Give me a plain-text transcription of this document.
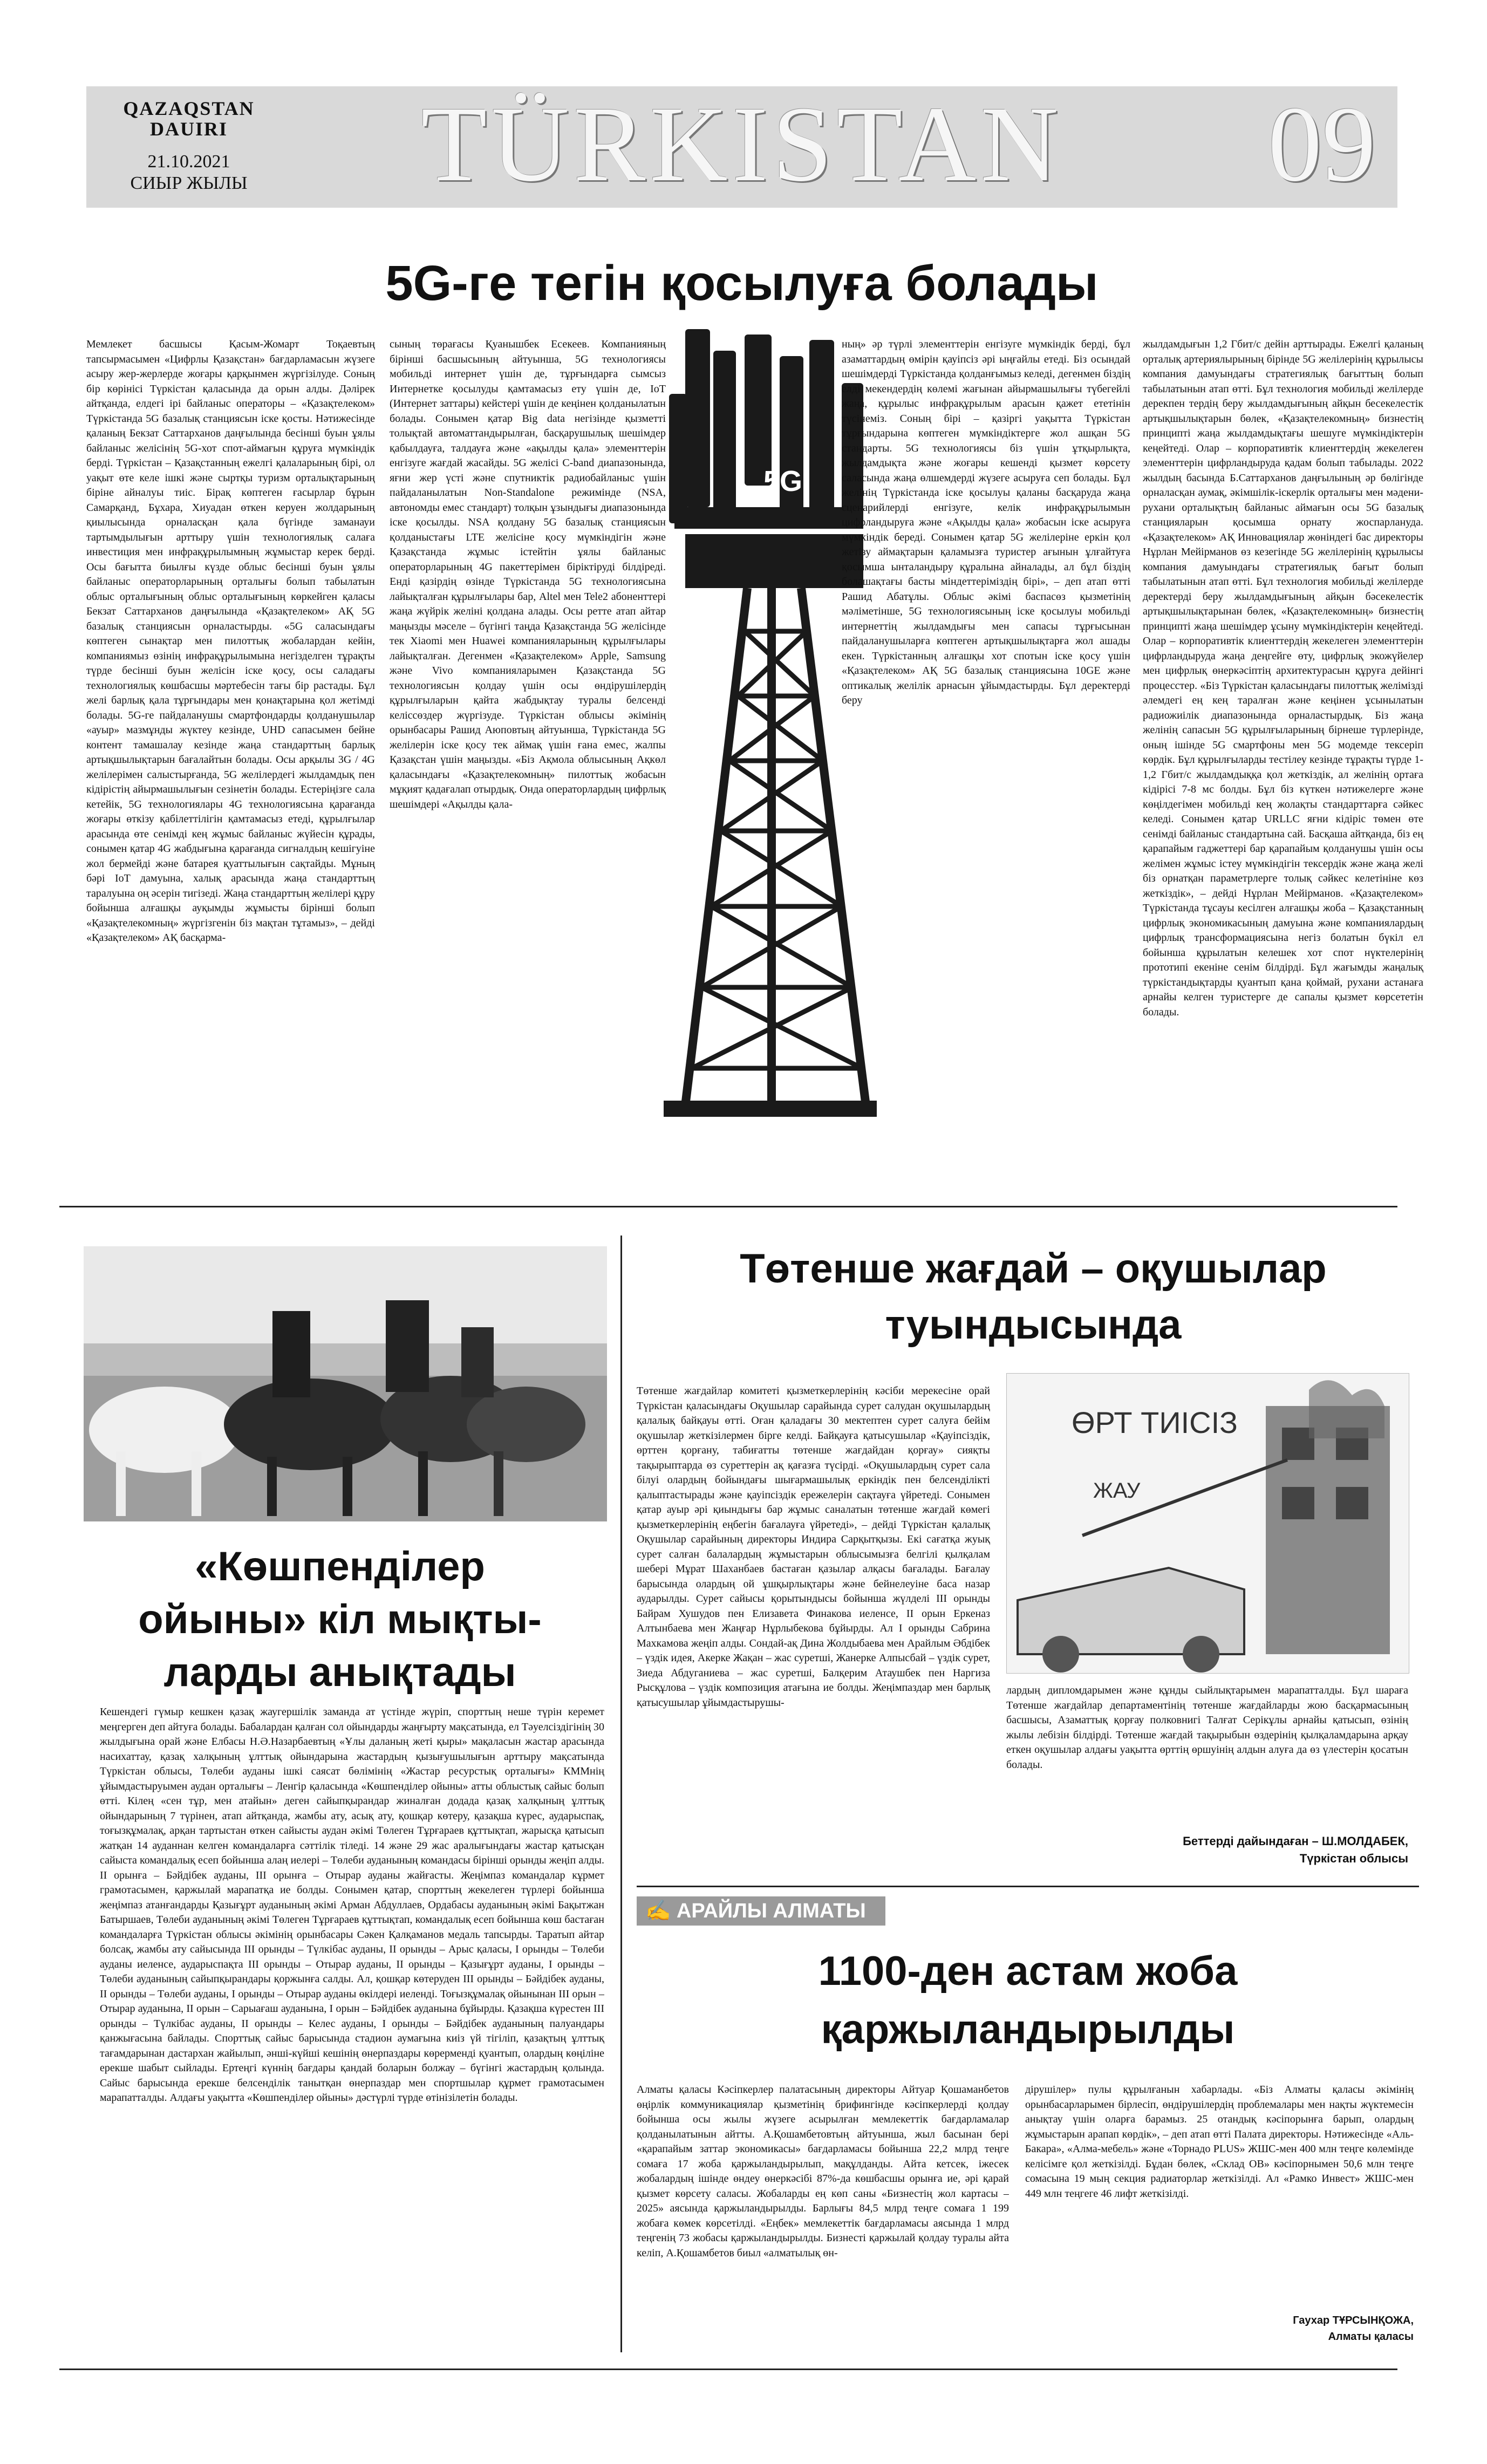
QAZAQSTAN
DAUIRI
21.10.2021
СИЫР ЖЫЛЫ	TÜRKISTAN	09
5G-ге тегін қосылуға болады
Мемлекет басшысы Қасым-Жомарт Тоқаевтың тапсырмасымен «Цифрлы Қазақстан» бағдарламасын жүзеге асыру жер-жерлерде жоғары қарқынмен жүргізілуде. Соның бір көрінісі Түркістан қаласында да орын алды. Дәлірек айтқанда, елдегі ірі байланыс операторы – «Қазақтелеком» Түркістанда 5G базалық станциясын іске қосты. Нәтижесінде қаланың Бекзат Саттарханов даңғылында бесінші буын ұялы байланыс желісінің 5G-хот спот-аймағын құруға мүмкіндік берді. Түркістан – Қазақстанның ежелгі қалаларының бірі, ол уақыт өте келе ішкі және сыртқы туризм орталықтарының біріне айналуы тиіс. Бірақ көптеген ғасырлар бұрын Самарқанд, Бұхара, Хиуадан өткен керуен жолдарының қиылысында орналасқан қала бүгінде заманауи тартымдылығын арттыру үшін технологиялық салаға инвестиция мен инфрақұрылымның жұмыстар керек берді. Осы бағытта биылғы күзде облыс бесінші буын ұялы байланыс операторларының орталығы болып табылатын облыс орталығының облыс орталығының көркейген қаласы Бекзат Саттарханов даңғылында «Қазақтелеком» АҚ 5G базалық станциясын орналастырды. «5G саласындағы көптеген сынақтар мен пилоттық жобалардан кейін, компаниямыз өзінің инфрақұрылымына негізделген тұрақты түрде бесінші буын желісін іске қосу, осы саладағы технологиялық көшбасшы мәртебесін тағы бір растады. Бұл желі барлық қала тұрғындары мен қонақтарына қол жетімді болады. 5G-ге пайдаланушы смартфондарды қолданушылар «ауыр» мазмұнды жүктеу кезінде, UHD сапасымен бейне контент тамашалау кезінде жаңа стандарттың барлық артықшылықтарын бағалайтын болады. Осы арқылы 3G / 4G желілерімен салыстырғанда, 5G желілердегі жылдамдық пен кідірістің айырмашылығын сезінетін болады. Естеріңізге сала кетейік, 5G технологиялары 4G технологиясына қарағанда жоғары өткізу қабілеттілігін қамтамасыз етеді, құрылғылар арасында өте сенімді кең жұмыс байланыс жүйесін құрады, сонымен қатар 4G жабдығына қарағанда сигналдың кешігуіне жол бермейді және батарея қуаттылығын сақтайды. Мұның бәрі IoT дамуына, халық арасында жаңа стандарттың таралуына оң әсерін тигізеді. Жаңа стандарттың желілері құру бойынша алғашқы ауқымды жұмысты бірінші болып «Қазақтелекомның» жүргізгенін біз мақтан тұтамыз», – дейді «Қазақтелеком» АҚ басқарма-
сының төрағасы Қуанышбек Есекеев. Компанияның бірінші басшысының айтуынша, 5G технологиясы мобильді интернет үшін де, тұрғындарға сымсыз Интернетке қосылуды қамтамасыз ету үшін де, IoT (Интернет заттары) кейстері үшін де кеңінен қолданылатын болады. Сонымен қатар Big data негізінде қызметті толықтай автоматтандырылған, басқарушылық шешімдер қабылдауға, талдауға және «ақылды қала» элементтерін енгізуге жағдай жасайды. 5G желісі C-band диапазонында, яғни жер үсті және спутниктік радиобайланыс үшін пайдаланылатын Non-Standalone режимінде (NSA, автономды емес стандарт) толқын ұзындығы диапазонында іске қосылды. NSA қолдану 5G базалық станциясын қолданыстағы LTE желісіне қосу мүмкіндігін және Қазақстанда жұмыс істейтін ұялы байланыс операторларының 4G пакеттерімен біріктіруді білдіреді. Енді қазірдің өзінде Түркістанда 5G технологиясына лайықталған құрылғылары бар, Altel мен Tele2 абоненттері жаңа жүйрік желіні қолдана алады. Осы ретте атап айтар маңызды мәселе – бүгінгі таңда Қазақстанда 5G желісінде тек Xiaomi мен Huawei компанияларының құрылғылары лайықталған. Дегенмен «Қазақтелеком» Apple, Samsung және Vivo компанияларымен Қазақстанда 5G технологиясын қолдау үшін осы өндірушілердің құрылғыларын қайта жабдықтау туралы белсенді келіссөздер жүргізуде. Түркістан облысы әкімінің орынбасары Рашид Аюповтың айтуынша, Түркістанда 5G желілерін іске қосу тек аймақ үшін ғана емес, жалпы Қазақстан үшін маңызды. «Біз Ақмола облысының Ақкөл қаласындағы «Қазақтелекомның» пилоттық жобасын мұқият қадағалап отырдық. Онда операторлардың цифрлық шешімдері «Ақылды қала-
5G
ның» әр түрлі элементтерін енгізуге мүмкіндік берді, бұл азаматтардың өмірін қауіпсіз әрі ыңғайлы етеді. Біз осындай шешімдерді Түркістанда қолданғымыз келеді, дегенмен біздің елді мекендердің көлемі жағынан айырмашылығы түбегейлі жаңа, құрылыс инфрақұрылым арасын қажет ететінін түсінеміз. Соның бірі – қазіргі уақытта Түркістан тұрғындарына көптеген мүмкіндіктерге жол ашқан 5G стандарты. 5G технологиясы біз үшін ұтқырлықта, жылдамдықта және жоғары кешенді қызмет көрсету саласында жаңа өлшемдерді жүзеге асыруға сеп болады. Бұл желінің Түркістанда іске қосылуы қаланы басқаруда жаңа сценарийлерді енгізуге, келік инфрақұрылымын цифрландыруға және «Ақылды қала» жобасын іске асыруға мүмкіндік береді. Сонымен қатар 5G желілеріне еркін қол жетізу аймақтарын қаламызға туристер ағынын ұлғайтуға қосымша ынталандыру құралына айналады, ал бұл біздің болашақтағы басты міндеттеріміздің бірі», – деп атап өтті Рашид Абатұлы. Облыс әкімі баспасөз қызметінің мәліметінше, 5G технологиясының іске қосылуы мобильді интернеттің жылдамдығы мен сапасы тұрғысынан пайдаланушыларға көптеген артықшылықтарға жол ашады екен. Түркістанның алғашқы хот спотын іске қосу үшін «Қазақтелеком» АҚ 5G базалық станциясына 10GE және оптикалық желілік арнасын ұйымдастырды. Бұл деректерді беру
жылдамдығын 1,2 Гбит/с дейін арттырады. Ежелгі қаланың орталық артериялырының бірінде 5G желілерінің құрылысы компания дамуындағы стратегиялық бағыттың болып табылатынын атап өтті. Бұл технология мобильді желілерде дерекпен тердің беру жылдамдығының айқын бесекелестік артықшылықтарын бөлек, «Қазақтелекомның» бизнестің принципті жаңа жылдамдықтағы шешуге мүмкіндіктерін кеңейтеді. Олар – корпоративтік клиенттердің жекелеген элементтерін цифрландыруда қадам болып табылады. 2022 жылдың басында Б.Саттарханов даңғылының әр бөлігінде орналасқан аумақ, әкімшілік-іскерлік орталығы мен мәдени-рухани орталықтың байланыс аймағын осы 5G базалық станцияларын қосымша орнату жоспарлануда. «Қазақтелеком» АҚ Инновациялар жөніндегі бас директоры Нұрлан Мейірманов өз кезегінде 5G желілерінің құрылысы компания дамуындағы стратегиялық бағыт болып табылатынын атап өтті. Бұл технология мобильді желілерде деректерді беру жылдамдығының айқын бәсекелестік артықшылықтарынан бөлек, «Қазақтелекомның» бизнестің принципті жаңа шешімдер ұсыну мүмкіндіктерін кеңейтеді. Олар – корпоративтік клиенттердің жекелеген элементтерін цифрландыруда жаңа деңгейге өту, цифрлық экожүйелер мен цифрлық өнеркәсіптің архитектурасын құруға дейінгі процесстер. «Біз Түркістан қаласындағы пилоттық желімізді әлемдегі ең кең таралған және кеңінен ұсынылатын радиожиілік диапазонында орналастырдық. Біз жаңа желінің сапасын 5G құрылғыларының бірнеше түрлерінде, оның ішінде 5G смартфоны мен 5G модемде тексеріп көрдік. Бұл құрылғыларды тестілеу кезінде тұрақты түрде 1-1,2 Гбит/с жылдамдыққа қол жеткіздік, ал желінің ортаға кідірісі 7-8 мс болды. Бұл біз күткен нәтижелерге және көңілдегімен мобильді кең жолақты стандарттарға сәйкес келеді. Сонымен қатар URLLC яғни кідіріс төмен өте сенімді байланыс стандартына сай. Басқаша айтқанда, біз ең қарапайым гаджеттері бар қарапайым қолданушы үшін осы желімен жұмыс істеу мүмкіндігін тексердік және жаңа желі біз орнатқан параметрлерге толық сәйкес келетініне көз жеткіздік», – дейді Нұрлан Мейірманов. «Қазақтелеком» Түркістанда тұсауы кесілген алғашқы жоба – Қазақстанның цифрлық экономикасының дамуына және компаниялардың цифрлық трансформациясына негіз болатын бүкіл ел бойынша құрылатын келешек хот спот нүктелерінің прототипі екеніне сенім білдірді. Бұл жағымды жаңалық түркістандықтарды қуантып қана қоймай, рухани астанаға арнайы келген туристерге де сапалы қызмет көрсететін болады.
«Көшпенділер
ойыны» кіл мықты-
ларды анықтады
Кешендегі гүмыр кешкен қазақ жаугершілік заманда ат үстінде жүріп, спорттың неше түрін керемет меңгерген деп айтуға болады. Бабалардан қалған сол ойындарды жаңғырту мақсатында, ел Тәуелсіздігінің 30 жылдығына орай және Елбасы Н.Ә.Назарбаевтың «Ұлы даланың жеті қыры» мақаласын жастар арасында насихаттау, қазақ халқының ұлттық ойындарына жастардың қызығушылығын арттыру мақсатында Түркістан облысы, Төлеби ауданы ішкі саясат бөлімінің «Жастар ресурстық орталығы» КММнің ұйымдастыруымен аудан орталығы – Ленгір қаласында «Көшпенділер ойыны» атты облыстық сайыс болып өтті. Кілең «сен тұр, мен атайын» деген сайыпқырандар жиналған додада қазақ халқының ұлттық ойындарының 7 түрінен, атап айтқанда, жамбы ату, асық ату, қошқар көтеру, қазақша күрес, аударыспақ, тоғызқұмалақ, арқан тартыстан өткен сайысты аудан әкімі Төлеген Тұрғараев құттықтап, жарысқа қатысып жатқан 14 ауданнан келген командаларға сәттілік тіледі. 14 және 29 жас аралығындағы жастар қатысқан сайыста командалық есеп бойынша алаң иелері – Төлеби ауданының командасы бірінші орынды жеңіп алды. II орынға – Бәйдібек ауданы, III орынға – Отырар ауданы жайғасты. Жеңімпаз командалар кұрмет грамотасымен, қаржылай марапатқа ие болды. Сонымен қатар, спорттың жекелеген түрлері бойынша жеңімпаз атанғандарды Қазығұрт ауданының әкімі Арман Абдуллаев, Ордабасы ауданының әкімі Бақытжан Батыршаев, Төлеби ауданының әкімі Төлеген Тұрғараев құттықтап, командалық есеп бойынша көш бастаған командаларға Түркістан облысы әкімінің орынбасары Сәкен Қалқаманов медаль тапсырды. Таратып айтар болсақ, жамбы ату сайысында III орынды – Түлкібас ауданы, II орынды – Арыс қаласы, I орынды – Төлеби ауданы иеленсе, аударыспақта III орынды – Отырар ауданы, II орынды – Қазығұрт ауданы, I орынды – Төлеби ауданының сайыпқырандары қоржынға салды. Ал, қошқар көтеруден III орынды – Бәйдібек ауданы, II орынды – Төлеби ауданы, I орынды – Отырар ауданы өкілдері иеленді. Тоғызқұмалақ ойынынан III орын – Отырар ауданына, II орын – Сарыағаш ауданына, I орын – Бәйдібек ауданына бұйырды. Қазақша күрестен III орынды – Түлкібас ауданы, II орынды – Келес ауданы, I орынды – Бәйдібек ауданының палуандары қанжығасына байлады. Спорттық сайыс барысында стадион аумағына киіз үй тігіліп, қазақтың ұлттық тағамдарынан дастархан жайылып, әнші-күйші кешінің өнерпаздары көрерменді қуантып, олардың көңіліне ерекше шабыт сыйлады. Ертеңгі күннің бағдары қандай боларын болжау – бүгінгі жастардың қолында. Сайыс барысында ерекше белсенділік танытқан өнерпаздар мен спортшылар құрмет грамотасымен марапатталды. Алдағы уақытта «Көшпенділер ойыны» дәстүрлі түрде өтінізілетін болады.
Төтенше жағдай – оқушылар
туындысында
Төтенше жағдайлар комитеті қызметкерлерінің кәсіби мерекесіне орай Түркістан қаласындағы Оқушылар сарайында сурет салудан оқушылардың қалалық байқауы өтті. Оған қаладағы 30 мектептен сурет салуға бейім оқушылар жеткізілермен бірге келді. Байқауға қатысушылар «Қауіпсіздік, өрттен қорғану, табиғатты төтенше жағдайдан қорғау» сияқты тақырыптарда өз суреттерін ақ қағазға түсірді. «Оқушылардың сурет сала білуі олардың бойындағы шығармашылық еркіндік пен белсенділікті қалыптастырады және қауіпсіздік ережелерін сақтауға үйретеді. Сонымен қатар ауыр әрі қиындығы бар жұмыс саналатын төтенше жағдай көмегі қызметкерлерінің еңбегін бағалауға үйретеді», – дейді Түркістан қалалық Оқушылар сарайының директоры Индира Сарқытқызы. Екі сағатқа жуық сурет салған балалардың жұмыстарын облысымызға белгілі қылқалам шебері Мұрат Шаханбаев бастаған қазылар алқасы бағалады. Бағалау барысында олардың ой ұшқырлықтары және бейнелеуіне баса назар аударылды. Сурет сайысы қорытындысы бойынша жүлделі III орынды Байрам Хушудов пен Елизавета Финакова иеленсе, II орын Еркеназ Алтынбаева мен Жаңғар Нұрлыбекова бұйырды. Ал I орынды Сабрина Махкамова жеңіп алды. Сондай-ақ Дина Жолдыбаева мен Арайлым Әбдібек – үздік идея, Акерке Жақан – жас суретші, Жанерке Алпысбай – үздік сурет, Зиеда Абдуганиева – жас суретші, Балқерим Атаушбек пен Наргиза Рысқұлова – үздік композиция атағына ие болды. Жеңімпаздар мен барлық қатысушылар ұйымдастырушы-
ӨРТ ТИІСІЗ
ЖАУ
лардың дипломдарымен және құнды сыйлықтарымен марапатталды. Бұл шараға Төтенше жағдайлар департаментінің төтенше жағдайларды жою басқармасының басшысы, Азаматтық қорғау полковнигі Талғат Серікұлы арнайы қатысып, өзінің жылы лебізін білдірді. Төтенше жағдай тақырыбын өздерінің қылқаламдарына арқау еткен оқушылар алдағы уақытта өрттің өршуінің алдын алуға да өз үлестерін қосатын болады.
Беттерді дайындаған – Ш.МОЛДАБЕК,
Түркістан облысы
✍ АРАЙЛЫ АЛМАТЫ
1100-ден астам жоба
қаржыландырылды
Алматы қаласы Кәсіпкерлер палатасының директоры Айтуар Қошаманбетов өңірлік коммуникациялар қызметінің брифингінде кәсіпкерлерді қолдау бойынша осы жылы жүзеге асырылған мемлекеттік бағдарламалар қолданылатынын айтты. А.Қошамбетовтың айтуынша, жыл басынан бері «қарапайым заттар экономикасы» бағдарламасы бойынша 22,2 млрд теңге сомаға 17 жоба қаржыландырылып, мақұлданды. Айта кетсек, іжесек жобалардың ішінде өндеу өнеркәсібі 87%-да көшбасшы орынға ие, әрі қарай қызмет көрсету саласы. Жобаларды ең көп саны «Бизнестің жол картасы – 2025» аясында қаржыландырылды. Барлығы 84,5 млрд теңге сомаға 1 199 жобаға көмек көрсетілді. «Еңбек» мемлекеттік бағдарламасы аясында 1 млрд теңгенің 73 жобасы қаржыландырылды. Бизнесті қаржылай қолдау туралы айта келіп, А.Қошамбетов биыл «алматылық өн-
дірушілер» пулы құрылғанын хабарлады. «Біз Алматы қаласы әкімінің орынбасарларымен бірлесіп, өндірушілердің проблемалары мен нақты жүктемесін анықтау үшін оларға барамыз. 25 отандық кәсіпорынға барып, олардың жұмыстарын арапап көрдік», – деп атап өтті Палата директоры. Нәтижесінде «Аль-Бакара», «Алма-мебель» және «Торнадо PLUS» ЖШС-мен 400 млн теңге көлемінде келісімге қол жеткізілді. Бұдан бөлек, «Склад ОВ» кәсіпорнымен 50,6 млн теңге сомасына 19 мың секция радиаторлар жеткізілді. Ал «Рамко Инвест» ЖШС-мен 449 млн теңгеге 46 лифт жеткізілді.
Гаухар ТҰРСЫНҚОЖА,
Алматы қаласы
